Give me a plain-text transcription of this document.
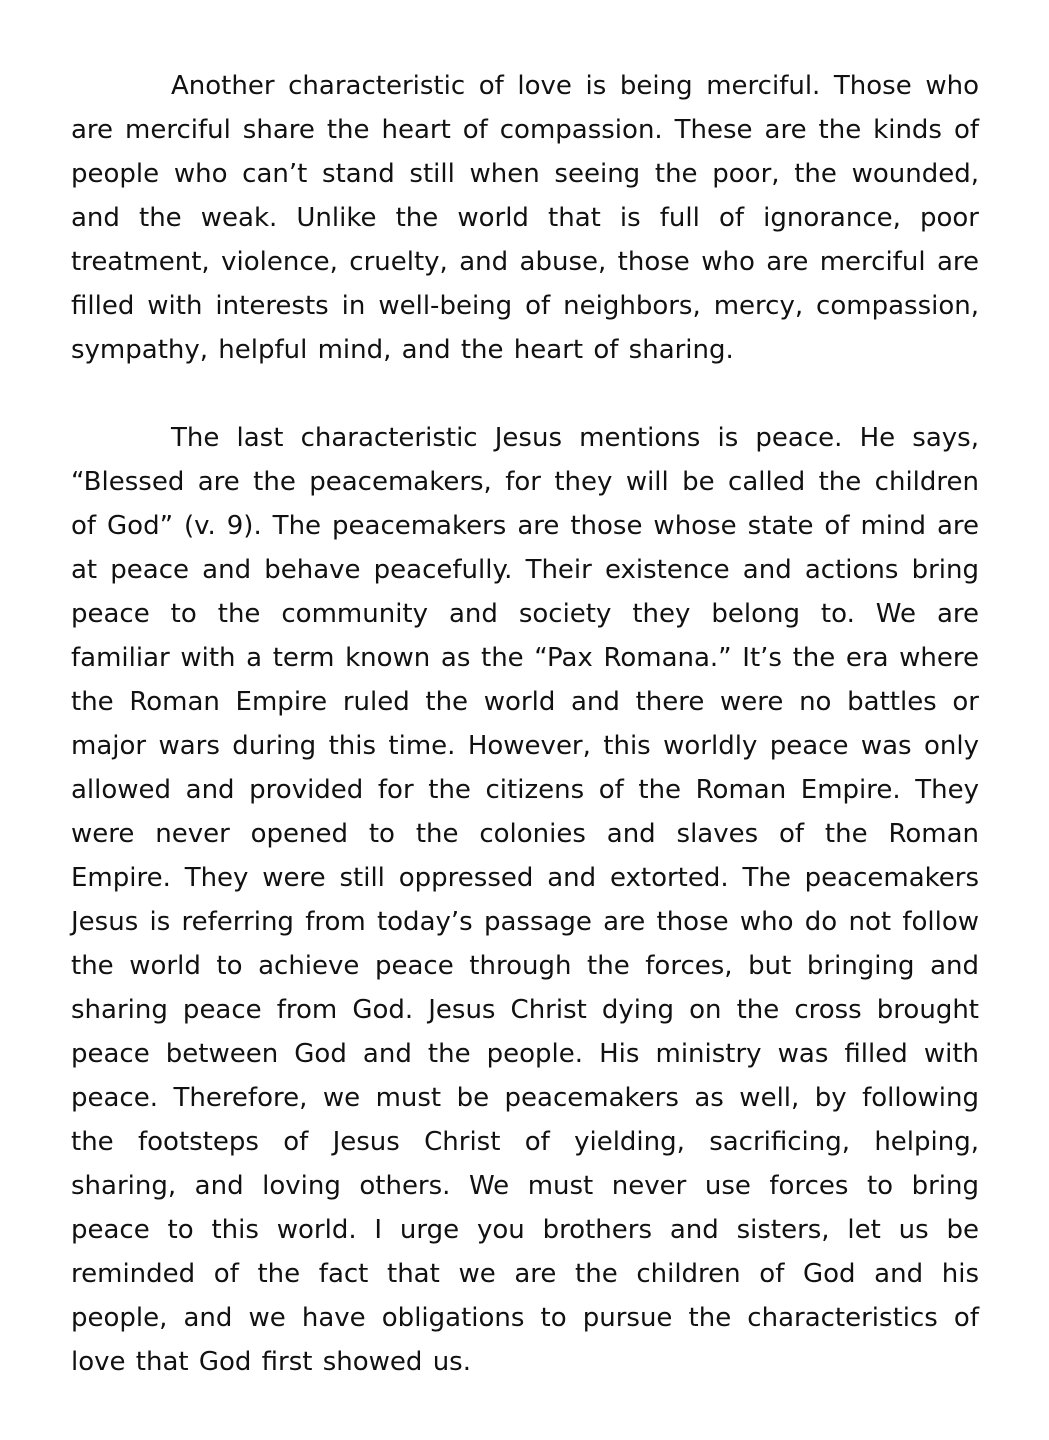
Another characteristic of love is being merciful. Those who are merciful share the heart of compassion. These are the kinds of people who can’t stand still when seeing the poor, the wounded, and the weak. Unlike the world that is full of ignorance, poor treatment, violence, cruelty, and abuse, those who are merciful are filled with interests in well-being of neighbors, mercy, compassion, sympathy, helpful mind, and the heart of sharing.

The last characteristic Jesus mentions is peace. He says, “Blessed are the peacemakers, for they will be called the children of God” (v. 9). The peacemakers are those whose state of mind are at peace and behave peacefully. Their existence and actions bring peace to the community and society they belong to. We are familiar with a term known as the “Pax Romana.” It’s the era where the Roman Empire ruled the world and there were no battles or major wars during this time. However, this worldly peace was only allowed and provided for the citizens of the Roman Empire. They were never opened to the colonies and slaves of the Roman Empire. They were still oppressed and extorted. The peacemakers Jesus is referring from today’s passage are those who do not follow the world to achieve peace through the forces, but bringing and sharing peace from God. Jesus Christ dying on the cross brought peace between God and the people. His ministry was filled with peace. Therefore, we must be peacemakers as well, by following the footsteps of Jesus Christ of yielding, sacrificing, helping, sharing, and loving others. We must never use forces to bring peace to this world. I urge you brothers and sisters, let us be reminded of the fact that we are the children of God and his people, and we have obligations to pursue the characteristics of love that God first showed us.
